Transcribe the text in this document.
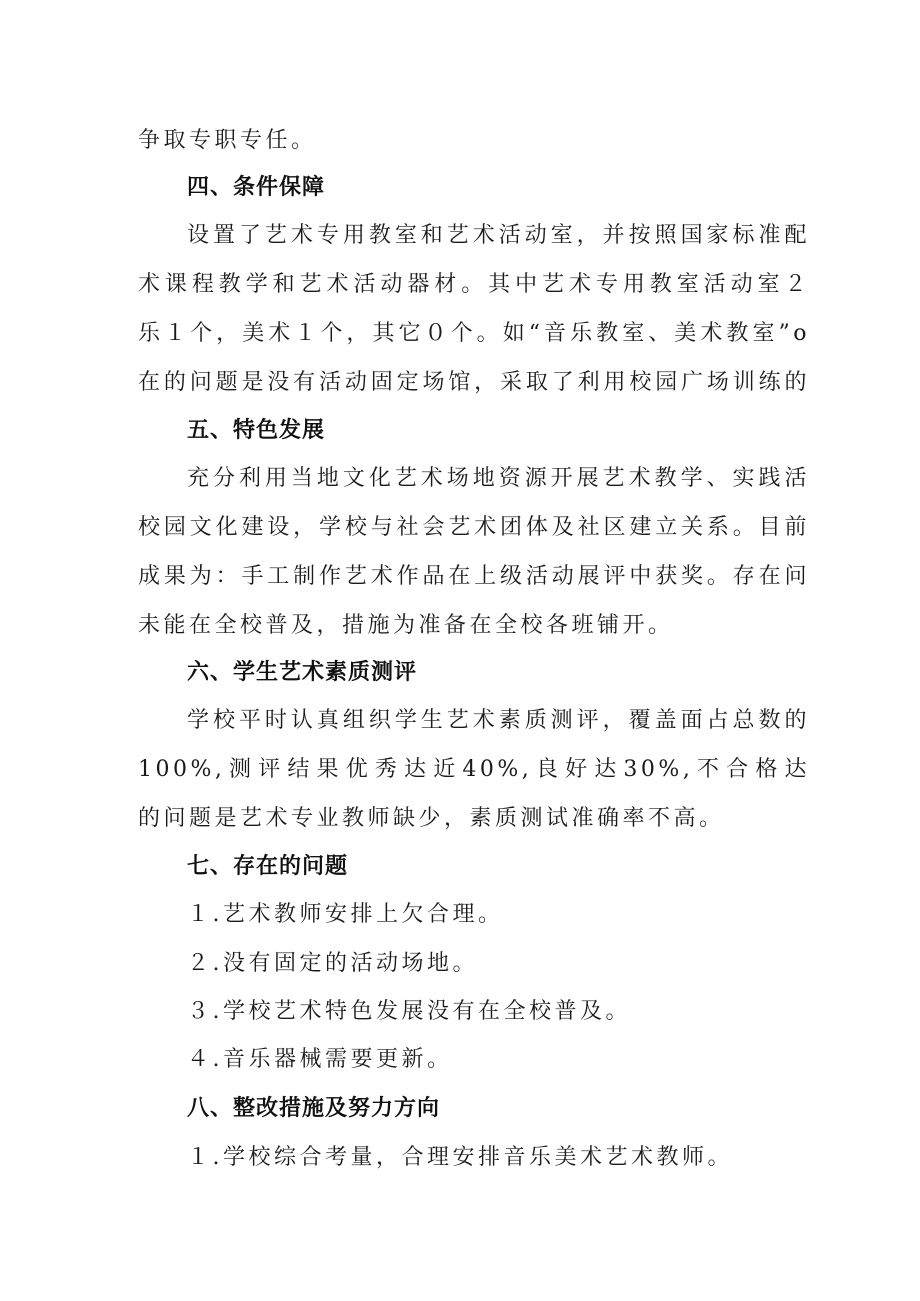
争取专职专任。

四、条件保障

设置了艺术专用教室和艺术活动室，并按照国家标准配

术课程教学和艺术活动器材。其中艺术专用教室活动室２

乐１个，美术１个，其它０个。如“音乐教室、美术教室”o

在的问题是没有活动固定场馆，采取了利用校园广场训练的

五、特色发展

充分利用当地文化艺术场地资源开展艺术教学、实践活

校园文化建设，学校与社会艺术团体及社区建立关系。目前

成果为：手工制作艺术作品在上级活动展评中获奖。存在问

未能在全校普及，措施为准备在全校各班铺开。

六、学生艺术素质测评

学校平时认真组织学生艺术素质测评，覆盖面占总数的

100%,测评结果优秀达近40%,良好达30%,不合格达

的问题是艺术专业教师缺少，素质测试准确率不高。

七、存在的问题

１.艺术教师安排上欠合理。

２.没有固定的活动场地。

３.学校艺术特色发展没有在全校普及。

４.音乐器械需要更新。

八、整改措施及努力方向

１.学校综合考量，合理安排音乐美术艺术教师。
